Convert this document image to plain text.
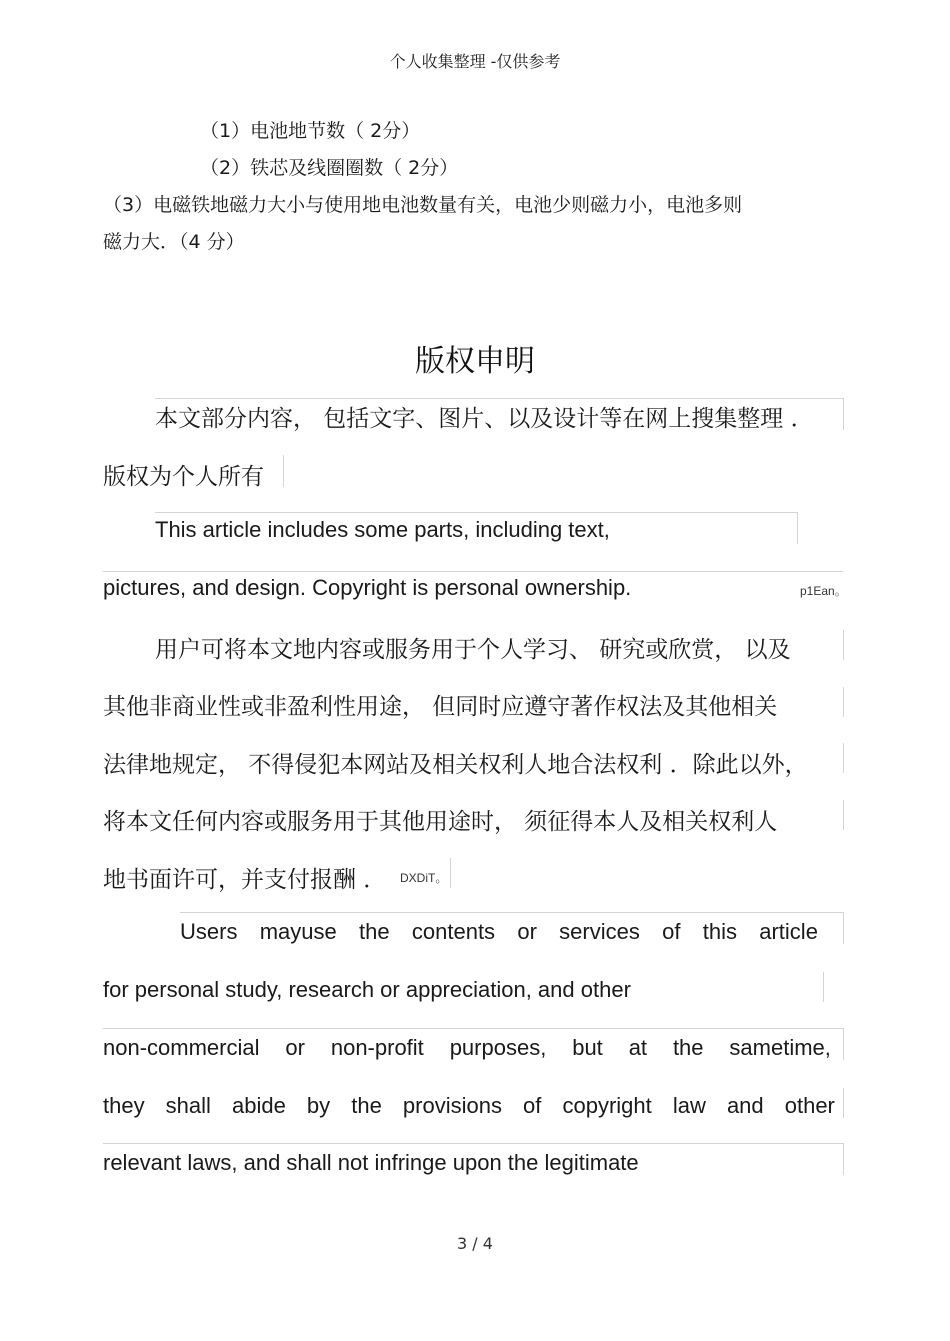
个人收集整理 -仅供参考
（1）电池地节数（ 2分）
（2）铁芯及线圈圈数（ 2分）
（3）电磁铁地磁力大小与使用地电池数量有关，电池少则磁力小，电池多则
磁力大．（4 分）
版权申明
本文部分内容， 包括文字、图片、以及设计等在网上搜集整理 ．
版权为个人所有
This article includes some parts, including text,
pictures, and design. Copyright is personal ownership.	p1Ean。
用户可将本文地内容或服务用于个人学习、 研究或欣赏， 以及
其他非商业性或非盈利性用途， 但同时应遵守著作权法及其他相关
法律地规定， 不得侵犯本网站及相关权利人地合法权利 ．除此以外，
将本文任何内容或服务用于其他用途时， 须征得本人及相关权利人
地书面许可，并支付报酬 ． DXDiT。
Users mayuse the contents or services of this article
for personal study, research or appreciation, and other
non-commercial or non-profit purposes, but at the sametime,
they shall abide by the provisions of copyright law and other
relevant laws, and shall not infringe upon the legitimate
3 / 4
